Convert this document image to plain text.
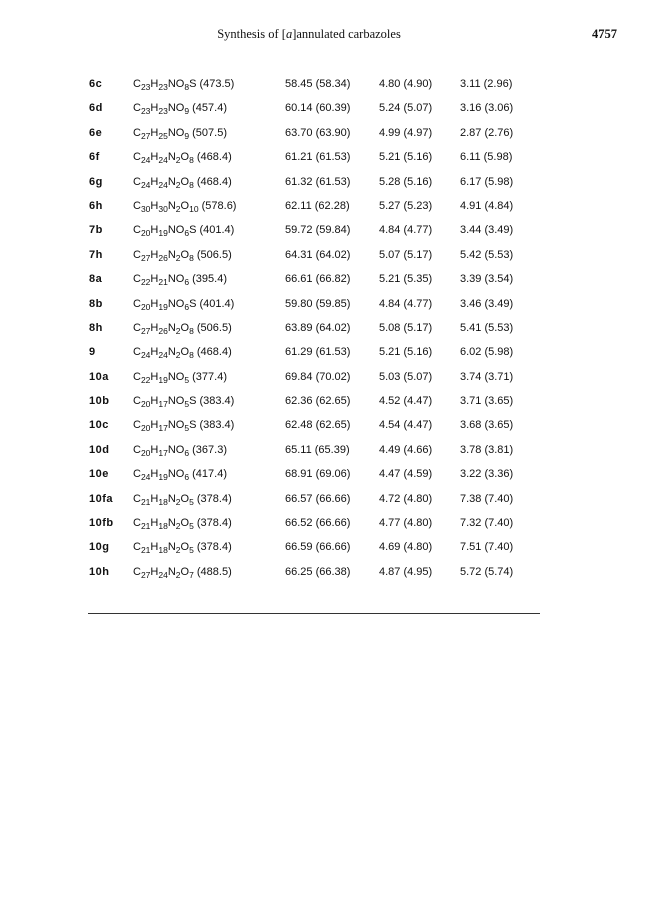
Synthesis of [a]annulated carbazoles	4757
6c	$C_{23}H_{23}NO_8S$ (473.5)	58.45 (58.34)	4.80 (4.90)	3.11 (2.96)
6d	$C_{23}H_{23}NO_9$ (457.4)	60.14 (60.39)	5.24 (5.07)	3.16 (3.06)
6e	$C_{27}H_{25}NO_9$ (507.5)	63.70 (63.90)	4.99 (4.97)	2.87 (2.76)
6f	$C_{24}H_{24}N_2O_8$ (468.4)	61.21 (61.53)	5.21 (5.16)	6.11 (5.98)
6g	$C_{24}H_{24}N_2O_8$ (468.4)	61.32 (61.53)	5.28 (5.16)	6.17 (5.98)
6h	$C_{30}H_{30}N_2O_{10}$ (578.6)	62.11 (62.28)	5.27 (5.23)	4.91 (4.84)
7b	$C_{20}H_{19}NO_6S$ (401.4)	59.72 (59.84)	4.84 (4.77)	3.44 (3.49)
7h	$C_{27}H_{26}N_2O_8$ (506.5)	64.31 (64.02)	5.07 (5.17)	5.42 (5.53)
8a	$C_{22}H_{21}NO_6$ (395.4)	66.61 (66.82)	5.21 (5.35)	3.39 (3.54)
8b	$C_{20}H_{19}NO_6S$ (401.4)	59.80 (59.85)	4.84 (4.77)	3.46 (3.49)
8h	$C_{27}H_{26}N_2O_8$ (506.5)	63.89 (64.02)	5.08 (5.17)	5.41 (5.53)
9	$C_{24}H_{24}N_2O_8$ (468.4)	61.29 (61.53)	5.21 (5.16)	6.02 (5.98)
10a $C_{22}H_{19}NO_5$ (377.4)	69.84 (70.02)	5.03 (5.07)	3.74 (3.71)
10b $C_{20}H_{17}NO_5S$ (383.4)	62.36 (62.65)	4.52 (4.47)	3.71 (3.65)
10c $C_{20}H_{17}NO_5S$ (383.4)	62.48 (62.65)	4.54 (4.47)	3.68 (3.65)
10d $C_{20}H_{17}NO_6$ (367.3)	65.11 (65.39)	4.49 (4.66)	3.78 (3.81)
10e $C_{24}H_{19}NO_6$ (417.4)	68.91 (69.06)	4.47 (4.59)	3.22 (3.36)
10fa $C_{21}H_{18}N_2O_5$ (378.4)	66.57 (66.66)	4.72 (4.80)	7.38 (7.40)
10fb $C_{21}H_{18}N_2O_5$ (378.4)	66.52 (66.66)	4.77 (4.80)	7.32 (7.40)
10g $C_{21}H_{18}N_2O_5$ (378.4)	66.59 (66.66)	4.69 (4.80)	7.51 (7.40)
10h $C_{27}H_{24}N_2O_7$ (488.5)	66.25 (66.38)	4.87 (4.95)	5.72 (5.74)
